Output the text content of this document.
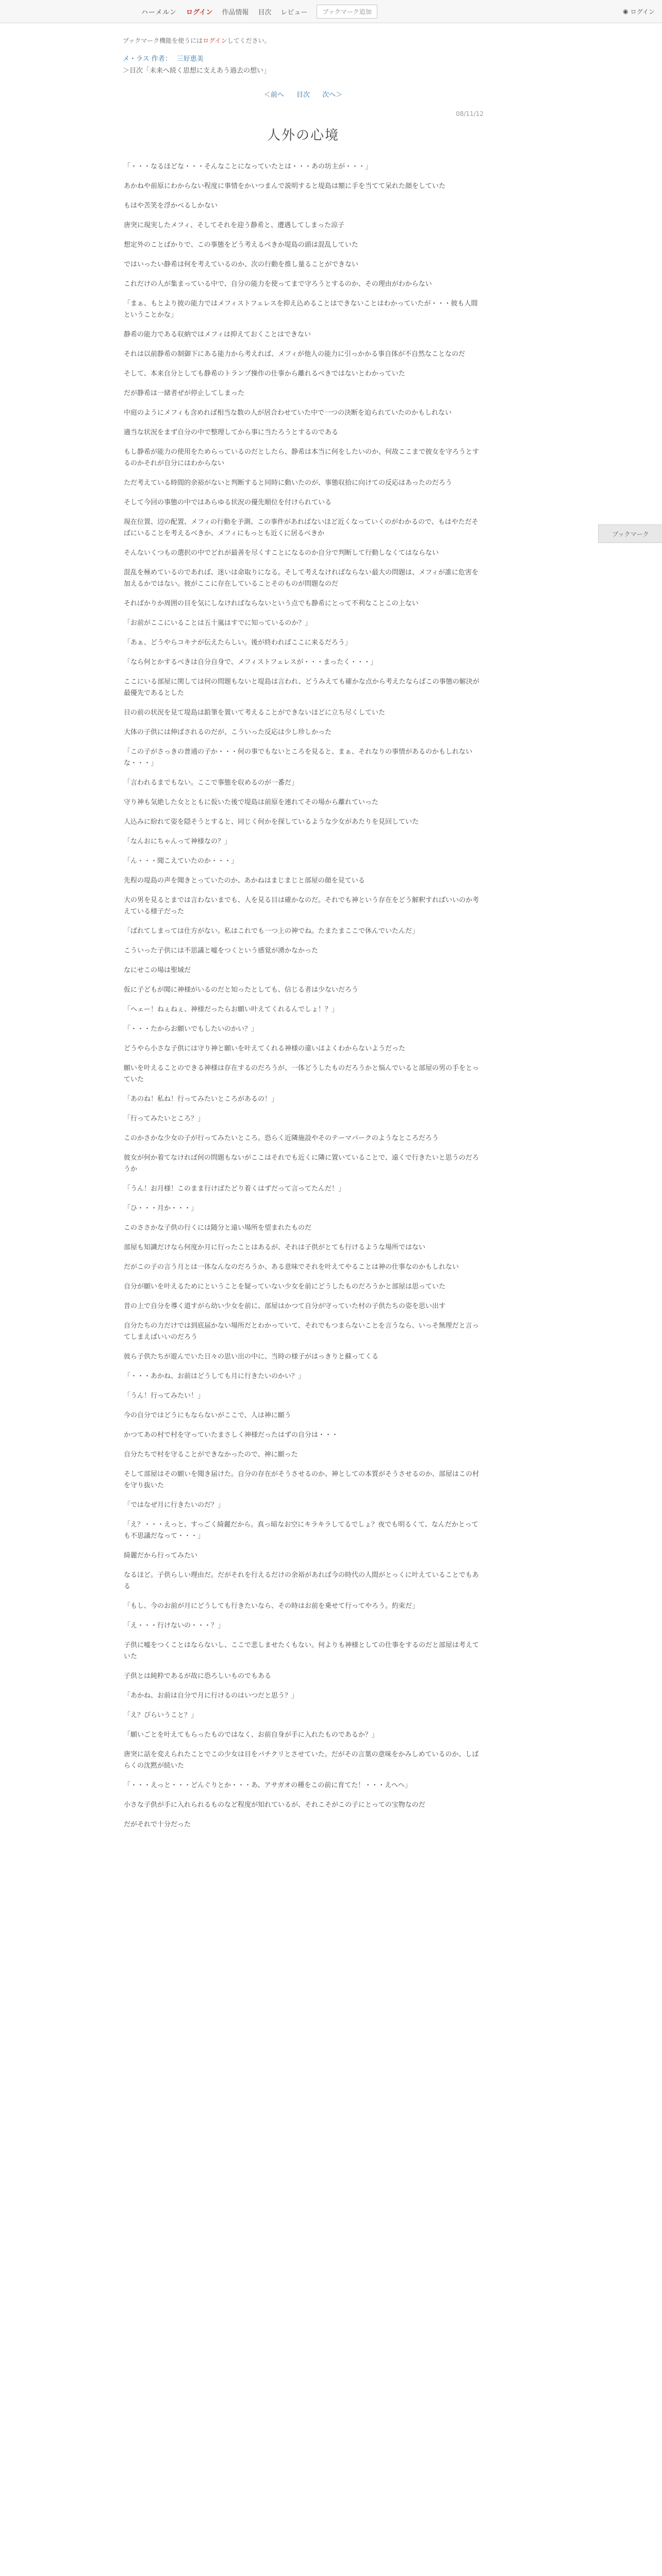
ハーメルン ログイン 作品情報 目次 レビュー	ブックマーク追加	◉ ログイン
ブックマーク機能を使うにはログインしてください。
メ・ラス 作者： 三好恵美
＞目次「未来へ続く思想に支えあう過去の想い」
＜前へ 目次 次へ＞
08/11/12
人外の心境

「・・・なるほどな・・・そんなことになっていたとは・・・あの坊主が・・・」

あかねや前原にわからない程度に事情をかいつまんで説明すると堤島は額に手を当てて呆れた顔をしていた

もはや苦笑を浮かべるしかない

唐突に現実したメフィ、そしてそれを迎う静希と、遭遇してしまった涼子

想定外のことばかりで、この事態をどう考えるべきか堤島の頭は混乱していた

ではいったい静希は何を考えているのか、次の行動を推し量ることができない

これだけの人が集まっている中で、自分の能力を使ってまで守ろうとするのか、その理由がわからない

「まぁ、もとより彼の能力ではメフィストフェレスを抑え込めることはできないことはわかっていたが・・・彼も人間ということかな」

静希の能力である収納ではメフィは抑えておくことはできない

それは以前静希の制御下にある能力から考えれば、メフィが他人の能力に引っかかる事自体が不自然なことなのだ

そして、本来自分としても静希のトランプ操作の仕事から離れるべきではないとわかっていた

だが静希は一緒者ぜが停止してしまった

中庭のようにメフィも含めれば相当な数の人が居合わせていた中で一つの決断を迫られていたのかもしれない

適当な状況をまず自分の中で整理してから事に当たろうとするのである

もし静希が能力の使用をためらっているのだとしたら、静希は本当に何をしたいのか、何故ここまで彼女を守ろうとするのかそれが自分にはわからない

ただ考えている時間的余裕がないと判断すると同時に動いたのが、事態収拾に向けての反応はあったのだろう

そして今回の事態の中ではあらゆる状況の優先順位を付けられている

現在位置、辺の配置、メフィの行動を予測、この事件があればないほど近くなっていくのがわかるので、もはやただそばにいることを考えるべきか、メフィにもっとも近くに居るべきか

そんないくつもの選択の中でどれが最善を尽くすことになるのか自分で判断して行動しなくてはならない

混乱を極めているのであれば、迷いは命取りになる。そして考えなければならない最大の問題は、メフィが誰に危害を加えるかではない。彼がここに存在していることそのものが問題なのだ

そればかりか周囲の目を気にしなければならないという点でも静希にとって不利なことこの上ない

「お前がここにいることは五十嵐はすでに知っているのか？」

「あぁ、どうやらコキナが伝えたらしい。後が終わればここに来るだろう」

「なら何とかするべきは自分自身で、メフィストフェレスが・・・まったく・・・」

ここにいる部屋に関しては何の問題もないと堤島は言われ、どうみえても確かな点から考えたならばこの事態の解決が最優先であるとした

目の前の状況を見て堤島は鉛筆を置いて考えることができないほどに立ち尽くしていた

大体の子供には伸ばされるのだが、こういった反応は少し珍しかった

「この子がさっきの普通の子か・・・何の事でもないところを見ると、まぁ、それなりの事情があるのかもしれないな・・・」

「言われるまでもない。ここで事態を収めるのが一番だ」

守り神も気絶した女とともに仮いた後で堤島は前原を連れてその場から離れていった

人込みに紛れて姿を隠そうとすると、同じく何かを探しているような少女があたりを見回していた

「なんおにちゃんって神様なの？」

「ん・・・聞こえていたのか・・・」

先程の堤島の声を聞きとっていたのか、あかねはまじまじと部屋の顔を見ている

大の男を見るとまでは言わないまでも、人を見る目は確かなのだ。それでも神という存在をどう解釈すればいいのか考えている様子だった

「ばれてしまっては仕方がない。私はこれでも一つ上の神でね。たまたまここで休んでいたんだ」

こういった子供には不思議と嘘をつくという感覚が湧かなかった

なにせこの場は聖域だ

仮に子どもが聞に神様がいるのだと知ったとしても、信じる者は少ないだろう

「ヘェー！ねぇねぇ、神様だったらお願い叶えてくれるんでしょ！？」

「・・・たからお願いでもしたいのかい？」

どうやら小さな子供には守り神と願いを叶えてくれる神様の違いはよくわからないようだった

願いを叶えることのできる神様は存在するのだろうが、一体どうしたものだろうかと悩んでいると部屋の男の手をとっていた

「あのね！私ね！行ってみたいところがあるの！」

「行ってみたいところ？」

このかさかな少女の子が行ってみたいところ。恐らく近隣施設やそのテーマパークのようなところだろう

彼女が何か着てなければ何の問題もないがここはそれでも近くに隣に置いていることで、遠くで行きたいと思うのだろうか

「うん！お月様！このまま行けばたどり着くはずだって言ってたんだ！」

「ひ・・・月か・・・」

このささかな子供の行くには随分と遠い場所を望まれたものだ

部屋も知識だけなら何度か月に行ったことはあるが、それは子供がとても行けるような場所ではない

だがこの子の言う月とは一体なんなのだろうか、ある意味でそれを叶えてやることは神の仕事なのかもしれない

自分が願いを叶えるためにということを疑っていない少女を前にどうしたものだろうかと部屋は思っていた

昔の上で自分を導く道すがら幼い少女を前に、部屋はかつて自分が守っていた村の子供たちの姿を思い出す

自分たちの力だけでは到底届かない場所だとわかっていて、それでもつまらないことを言うなら、いっそ無理だと言ってしまえばいいのだろう

彼ら子供たちが遊んでいた日々の思い出の中に、当時の様子がはっきりと蘇ってくる

「・・・あかね、お前はどうしても月に行きたいのかい？」

「うん！行ってみたい！」

今の自分ではどうにもならないがここで、人は神に願う

かつてあの村で村を守っていたまさしく神様だったはずの自分は・・・

自分たちで村を守ることができなかったので、神に願った

そして部屋はその願いを聞き届けた。自分の存在がそうさせるのか、神としての本質がそうさせるのか、部屋はこの村を守り抜いた

「ではなぜ月に行きたいのだ？」

「え？・・・えっと、すっごく綺麗だから。真っ暗なお空にキラキラしてるでしょ？夜でも明るくて、なんだかとっても不思議だなって・・・」

綺麗だから行ってみたい

なるほど。子供らしい理由だ。だがそれを行えるだけの余裕があれば今の時代の人間がとっくに叶えていることでもある

「もし、今のお前が月にどうしても行きたいなら、その時はお前を乗せて行ってやろう。約束だ」

「え・・・行けないの・・・？」

子供に嘘をつくことはならないし、ここで悲しませたくもない。何よりも神様としての仕事をするのだと部屋は考えていた

子供とは純粋であるが故に恐ろしいものでもある

「あかね、お前は自分で月に行けるのはいつだと思う？」

「え？ぴらいうこと？」

「願いごとを叶えてもらったものではなく、お前自身が手に入れたものであるか？」

唐突に話を変えられたことでこの少女は目をパチクリとさせていた。だがその言葉の意味をかみしめているのか、しばらくの沈黙が続いた

「・・・えっと・・・どんぐりとか・・・あ、アサガオの種をこの前に育てた！・・・えへへ」

小さな子供が手に入れられるものなど程度が知れているが、それこそがこの子にとっての宝物なのだ

だがそれで十分だった

ブックマーク
